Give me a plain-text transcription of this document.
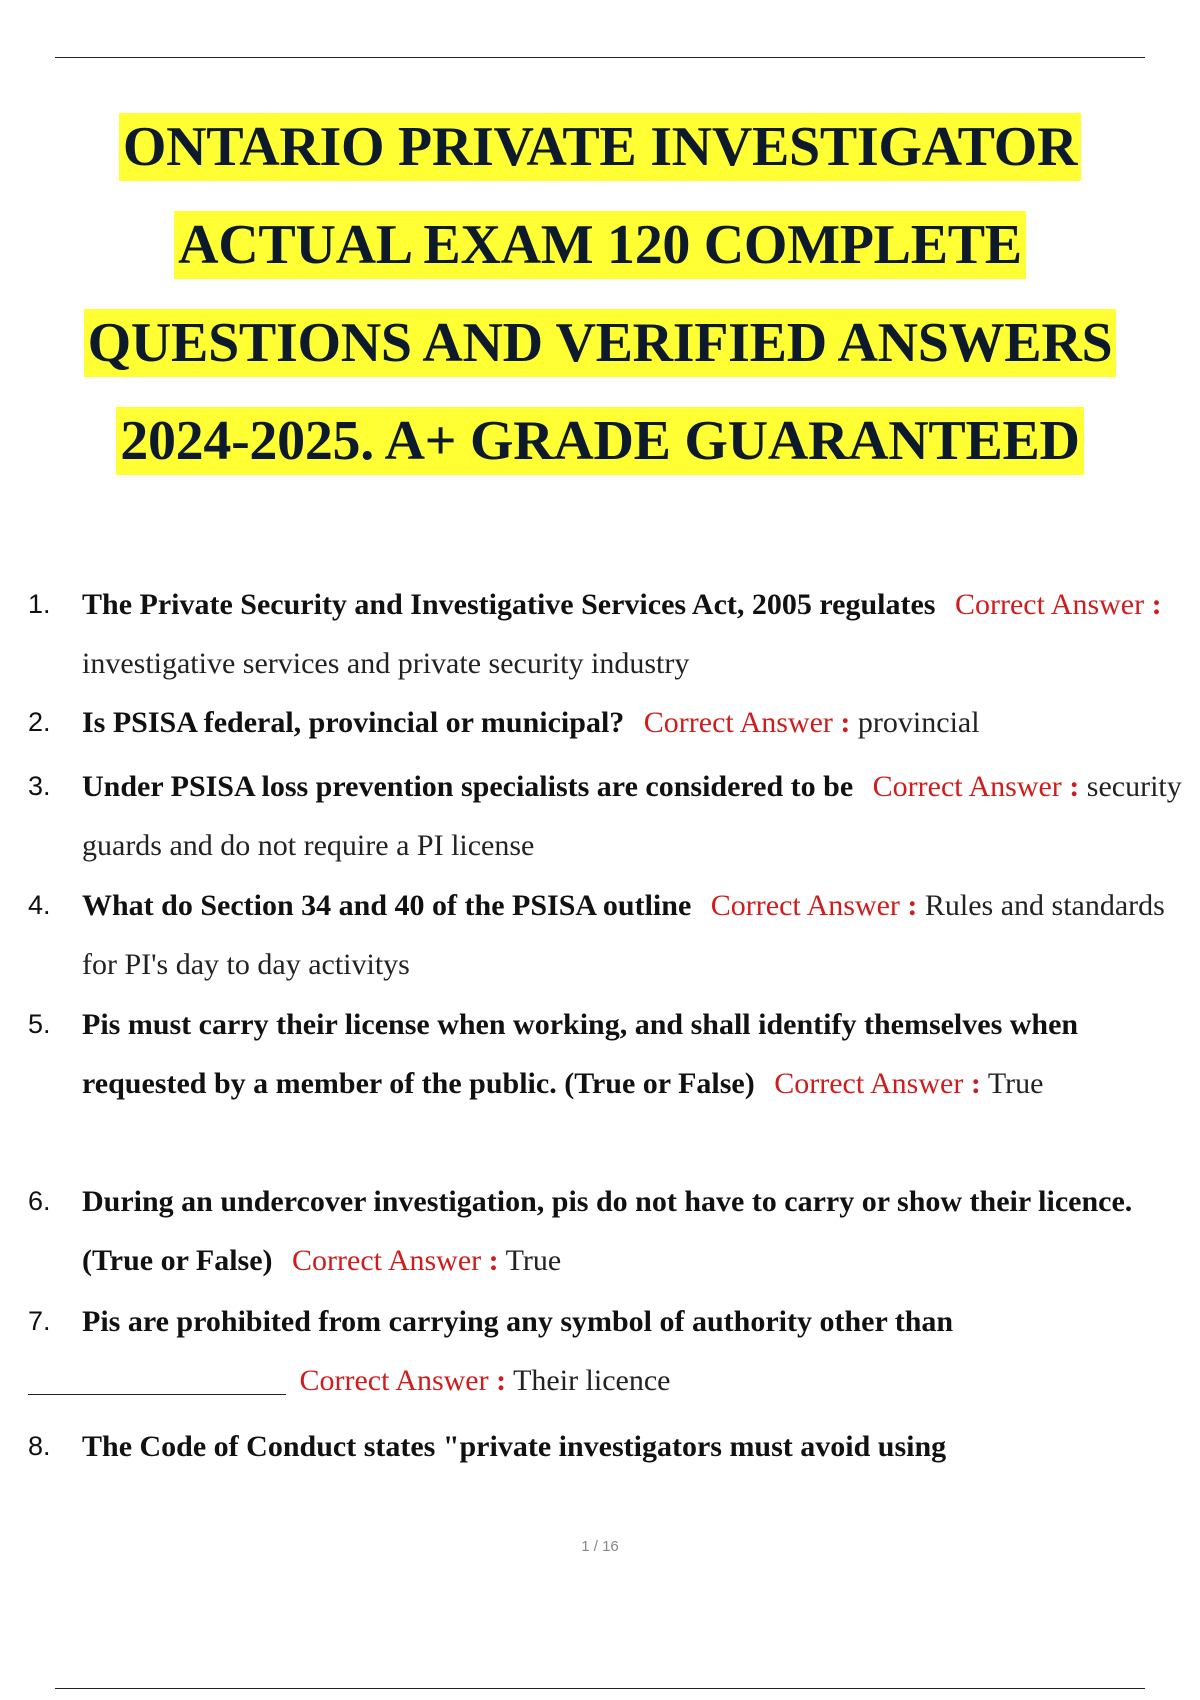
ONTARIO PRIVATE INVESTIGATOR
ACTUAL EXAM 120 COMPLETE
QUESTIONS AND VERIFIED ANSWERS
2024-2025. A+ GRADE GUARANTEED
1.	The Private Security and Investigative Services Act, 2005 regulates Correct Answer : investigative services and private security industry
2.	Is PSISA federal, provincial or municipal? Correct Answer : provincial
3.	Under PSISA loss prevention specialists are considered to be Correct Answer : security guards and do not require a PI license
4.	What do Section 34 and 40 of the PSISA outline Correct Answer : Rules and standards for PI's day to day activitys
5.	Pis must carry their license when working, and shall identify themselves when requested by a member of the public. (True or False) Correct Answer : True
6.	During an undercover investigation, pis do not have to carry or show their licence. (True or False) Correct Answer : True
7.	Pis are prohibited from carrying any symbol of authority other than
Correct Answer : Their licence
8.	The Code of Conduct states "private investigators must avoid using
1 / 16
